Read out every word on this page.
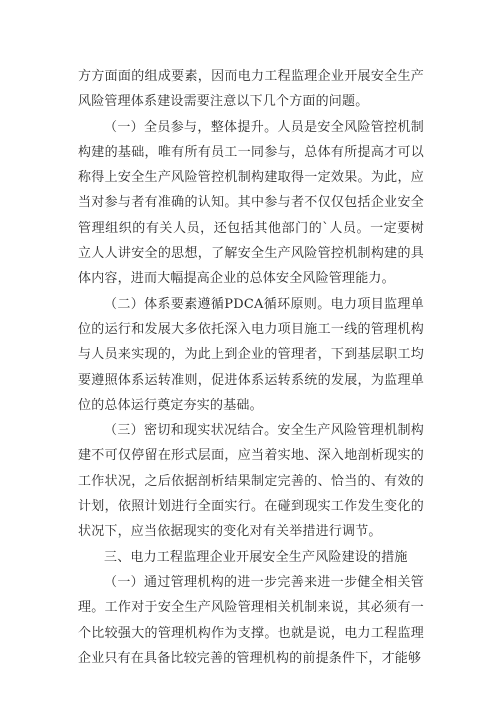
方方面面的组成要素，因而电力工程监理企业开展安全生产风险管理体系建设需要注意以下几个方面的问题。

（一）全员参与，整体提升。人员是安全风险管控机制构建的基础，唯有所有员工一同参与，总体有所提高才可以称得上安全生产风险管控机制构建取得一定效果。为此，应当对参与者有准确的认知。其中参与者不仅仅包括企业安全管理组织的有关人员，还包括其他部门的`人员。一定要树立人人讲安全的思想，了解安全生产风险管控机制构建的具体内容，进而大幅提高企业的总体安全风险管理能力。

（二）体系要素遵循PDCA循环原则。电力项目监理单位的运行和发展大多依托深入电力项目施工一线的管理机构与人员来实现的，为此上到企业的管理者，下到基层职工均要遵照体系运转准则，促进体系运转系统的发展，为监理单位的总体运行奠定夯实的基础。

（三）密切和现实状况结合。安全生产风险管理机制构建不可仅停留在形式层面，应当着实地、深入地剖析现实的工作状况，之后依据剖析结果制定完善的、恰当的、有效的计划，依照计划进行全面实行。在碰到现实工作发生变化的状况下，应当依据现实的变化对有关举措进行调节。

三、电力工程监理企业开展安全生产风险建设的措施

（一）通过管理机构的进一步完善来进一步健全相关管理。工作对于安全生产风险管理相关机制来说，其必须有一个比较强大的管理机构作为支撑。也就是说，电力工程监理企业只有在具备比较完善的管理机构的前提条件下，才能够
